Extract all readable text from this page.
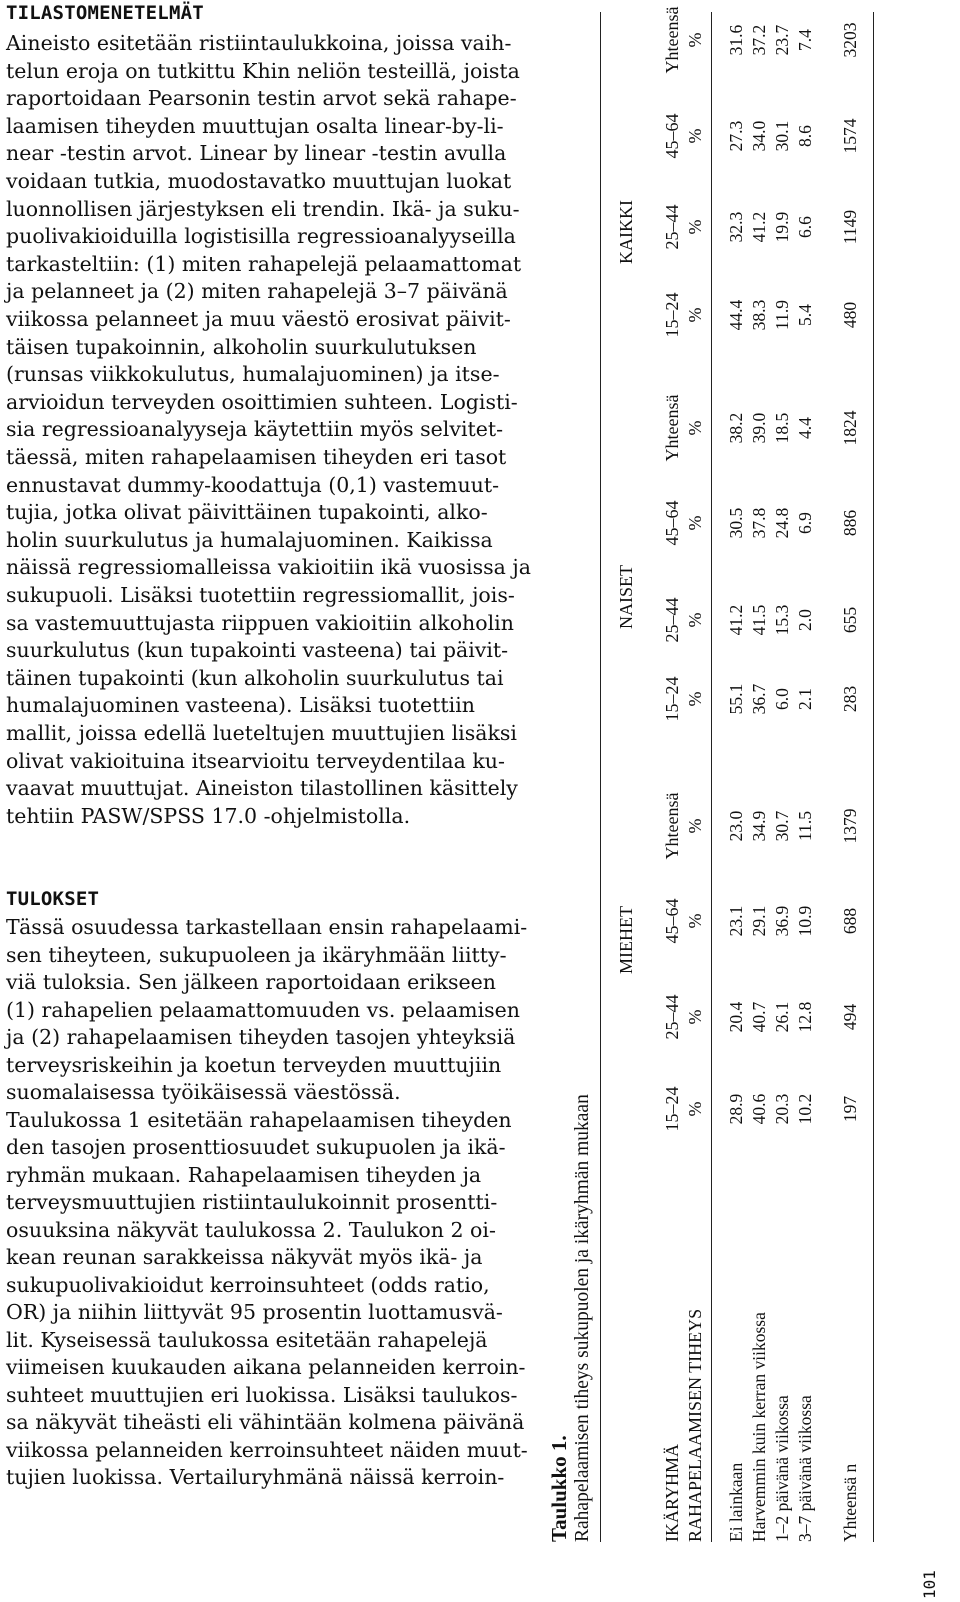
TILASTOMENETELMÄT
Aineisto esitetään ristiintaulukkoina, joissa vaih-
telun eroja on tutkittu Khin neliön testeillä, joista
raportoidaan Pearsonin testin arvot sekä rahape-
laamisen tiheyden muuttujan osalta linear-by-li-
near -testin arvot. Linear by linear -testin avulla
voidaan tutkia, muodostavatko muuttujan luokat
luonnollisen järjestyksen eli trendin. Ikä- ja suku-
puolivakioiduilla logistisilla regressioanalyyseilla
tarkasteltiin: (1) miten rahapelejä pelaamattomat
ja pelanneet ja (2) miten rahapelejä 3–7 päivänä
viikossa pelanneet ja muu väestö erosivat päivit-
täisen tupakoinnin, alkoholin suurkulutuksen
(runsas viikkokulutus, humalajuominen) ja itse-
arvioidun terveyden osoittimien suhteen. Logisti-
sia regressioanalyyseja käytettiin myös selvitet-
täessä, miten rahapelaamisen tiheyden eri tasot
ennustavat dummy-koodattuja (0,1) vastemuut-
tujia, jotka olivat päivittäinen tupakointi, alko-
holin suurkulutus ja humalajuominen. Kaikissa
näissä regressiomalleissa vakioitiin ikä vuosissa ja
sukupuoli. Lisäksi tuotettiin regressiomallit, jois-
sa vastemuuttujasta riippuen vakioitiin alkoholin
suurkulutus (kun tupakointi vasteena) tai päivit-
täinen tupakointi (kun alkoholin suurkulutus tai
humalajuominen vasteena). Lisäksi tuotettiin
mallit, joissa edellä lueteltujen muuttujien lisäksi
olivat vakioituina itsearvioitu terveydentilaa ku-
vaavat muuttujat. Aineiston tilastollinen käsittely
tehtiin PASW/SPSS 17.0 -ohjelmistolla.
TULOKSET
Tässä osuudessa tarkastellaan ensin rahapelaami-
sen tiheyteen, sukupuoleen ja ikäryhmään liitty-
viä tuloksia. Sen jälkeen raportoidaan erikseen
(1) rahapelien pelaamattomuuden vs. pelaamisen
ja (2) rahapelaamisen tiheyden tasojen yhteyksiä
terveysriskeihin ja koetun terveyden muuttujiin
suomalaisessa työikäisessä väestössä.
Taulukossa 1 esitetään rahapelaamisen tiheyden
den tasojen prosenttiosuudet sukupuolen ja ikä-
ryhmän mukaan. Rahapelaamisen tiheyden ja
terveysmuuttujien ristiintaulukoinnit prosentti-
osuuksina näkyvät taulukossa 2. Taulukon 2 oi-
kean reunan sarakkeissa näkyvät myös ikä- ja
sukupuolivakioidut kerroinsuhteet (odds ratio,
OR) ja niihin liittyvät 95 prosentin luottamusvä-
lit. Kyseisessä taulukossa esitetään rahapelejä
viimeisen kuukauden aikana pelanneiden kerroin-
suhteet muuttujien eri luokissa. Lisäksi taulukos-
sa näkyvät tiheästi eli vähintään kolmena päivänä
viikossa pelanneiden kerroinsuhteet näiden muut-
tujien luokissa. Vertailuryhmänä näissä kerroin- Taulukko 1. Rahapelaamisen tiheys sukupuolen ja ikäryhmän mukaan
MIEHET
NAISET
KAIKKI
IKÄRYHMÄ RAHAPELAAMISEN TIHEYS
15–24 %
25–44 %
45–64 %
Yhteensä %
15–24 %
25–44 %
45–64 %
Yhteensä %
15–24 %
25–44 %
45–64 %
Yhteensä %
Ei lainkaan
28.9
20.4
23.1
23.0
55.1
41.2
30.5
38.2
44.4
32.3
27.3
31.6
Harvemmin kuin kerran viikossa
40.6
40.7
29.1
34.9
36.7
41.5
37.8
39.0
38.3
41.2
34.0
37.2
1–2 päivänä viikossa
20.3
26.1
36.9
30.7
6.0
15.3
24.8
18.5
11.9
19.9
30.1
23.7
3–7 päivänä viikossa
10.2
12.8
10.9
11.5
2.1
2.0
6.9
4.4
5.4
6.6
8.6
7.4
Yhteensä n
197
494
688
1379
283
655
886
1824
480
1149
1574
3203
101
